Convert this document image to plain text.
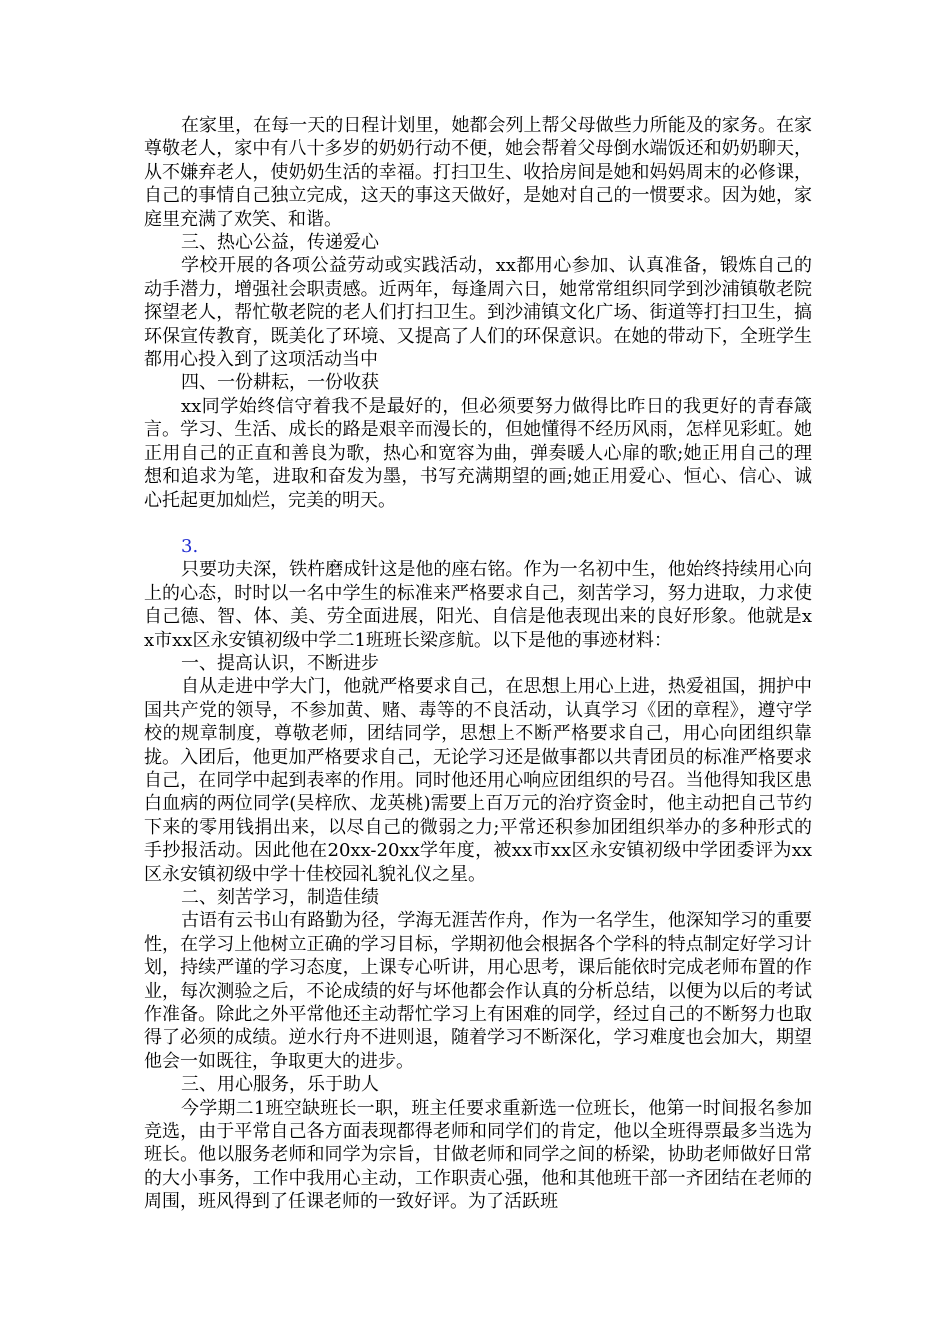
在家里，在每一天的日程计划里，她都会列上帮父母做些力所能及的家务。在家尊敬老人，家中有八十多岁的奶奶行动不便，她会帮着父母倒水端饭还和奶奶聊天，从不嫌弃老人，使奶奶生活的幸福。打扫卫生、收拾房间是她和妈妈周末的必修课，自己的事情自己独立完成，这天的事这天做好，是她对自己的一惯要求。因为她，家庭里充满了欢笑、和谐。

三、热心公益，传递爱心

学校开展的各项公益劳动或实践活动，xx都用心参加、认真准备，锻炼自己的动手潜力，增强社会职责感。近两年，每逢周六日，她常常组织同学到沙浦镇敬老院探望老人，帮忙敬老院的老人们打扫卫生。到沙浦镇文化广场、街道等打扫卫生，搞环保宣传教育，既美化了环境、又提高了人们的环保意识。在她的带动下，全班学生都用心投入到了这项活动当中

四、一份耕耘，一份收获

xx同学始终信守着我不是最好的，但必须要努力做得比昨日的我更好的青春箴言。学习、生活、成长的路是艰辛而漫长的，但她懂得不经历风雨，怎样见彩虹。她正用自己的正直和善良为歌，热心和宽容为曲，弹奏暖人心扉的歌;她正用自己的理想和追求为笔，进取和奋发为墨，书写充满期望的画;她正用爱心、恒心、信心、诚心托起更加灿烂，完美的明天。

3.

只要功夫深，铁杵磨成针这是他的座右铭。作为一名初中生，他始终持续用心向上的心态，时时以一名中学生的标准来严格要求自己，刻苦学习，努力进取，力求使自己德、智、体、美、劳全面进展，阳光、自信是他表现出来的良好形象。他就是xx市xx区永安镇初级中学二1班班长梁彦航。以下是他的事迹材料：

一、提高认识，不断进步

自从走进中学大门，他就严格要求自己，在思想上用心上进，热爱祖国，拥护中国共产党的领导，不参加黄、赌、毒等的不良活动，认真学习《团的章程》，遵守学校的规章制度，尊敬老师，团结同学，思想上不断严格要求自己，用心向团组织靠拢。入团后，他更加严格要求自己，无论学习还是做事都以共青团员的标准严格要求自己，在同学中起到表率的作用。同时他还用心响应团组织的号召。当他得知我区患白血病的两位同学(吴梓欣、龙英桃)需要上百万元的治疗资金时，他主动把自己节约下来的零用钱捐出来，以尽自己的微弱之力;平常还积参加团组织举办的多种形式的手抄报活动。因此他在20xx-20xx学年度，被xx市xx区永安镇初级中学团委评为xx区永安镇初级中学十佳校园礼貌礼仪之星。

二、刻苦学习，制造佳绩

古语有云书山有路勤为径，学海无涯苦作舟，作为一名学生，他深知学习的重要性，在学习上他树立正确的学习目标，学期初他会根据各个学科的特点制定好学习计划，持续严谨的学习态度，上课专心听讲，用心思考，课后能依时完成老师布置的作业，每次测验之后，不论成绩的好与坏他都会作认真的分析总结，以便为以后的考试作准备。除此之外平常他还主动帮忙学习上有困难的同学，经过自己的不断努力也取得了必须的成绩。逆水行舟不进则退，随着学习不断深化，学习难度也会加大，期望他会一如既往，争取更大的进步。

三、用心服务，乐于助人

今学期二1班空缺班长一职，班主任要求重新选一位班长，他第一时间报名参加竞选，由于平常自己各方面表现都得老师和同学们的肯定，他以全班得票最多当选为班长。他以服务老师和同学为宗旨，甘做老师和同学之间的桥梁，协助老师做好日常的大小事务，工作中我用心主动，工作职责心强，他和其他班干部一齐团结在老师的周围，班风得到了任课老师的一致好评。为了活跃班
